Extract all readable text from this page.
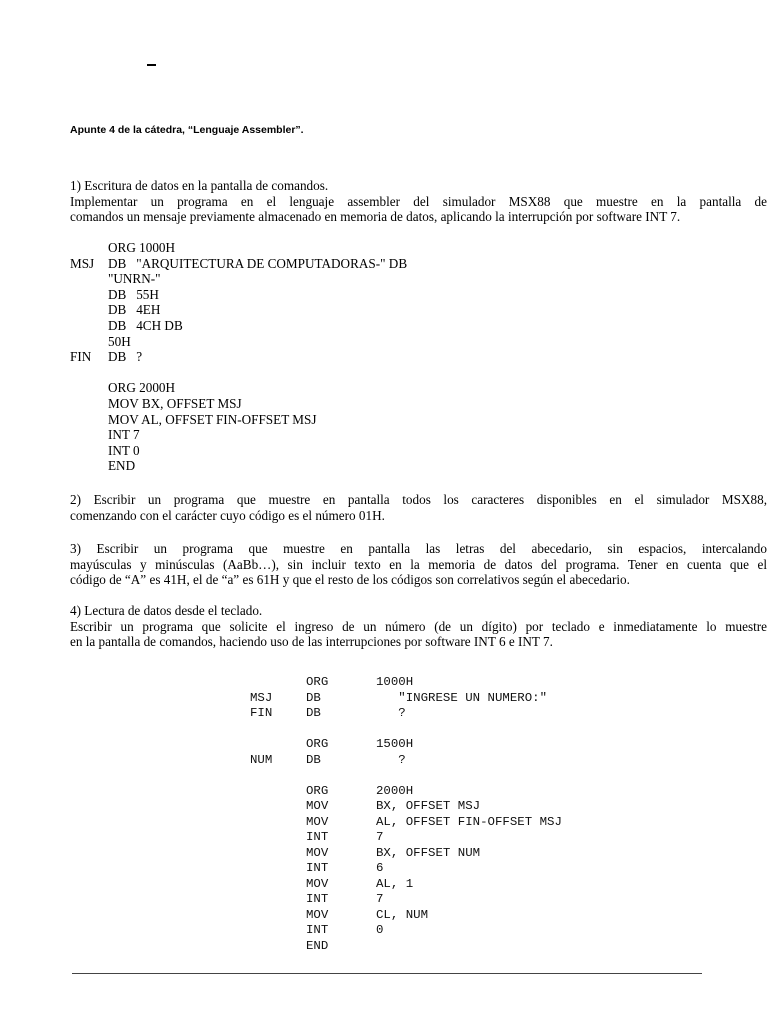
Apunte 4 de la cátedra, “Lenguaje Assembler”.
1) Escritura de datos en la pantalla de comandos.
Implementar un programa en el lenguaje assembler del simulador MSX88 que muestre en la pantalla de
comandos un mensaje previamente almacenado en memoria de datos, aplicando la interrupción por software INT 7.
ORG 1000H
MSJ	DB   "ARQUITECTURA DE COMPUTADORAS-" DB
"UNRN-"
DB   55H
DB   4EH
DB   4CH DB
50H
FIN	DB   ?
ORG 2000H
MOV BX, OFFSET MSJ
MOV AL, OFFSET FIN-OFFSET MSJ
INT 7
INT 0
END
2) Escribir un programa que muestre en pantalla todos los caracteres disponibles en el simulador MSX88,
comenzando con el carácter cuyo código es el número 01H.
3) Escribir un programa que muestre en pantalla las letras del abecedario, sin espacios, intercalando
mayúsculas y minúsculas (AaBb…), sin incluir texto en la memoria de datos del programa. Tener en cuenta que el
código de “A” es 41H, el de “a” es 61H y que el resto de los códigos son correlativos según el abecedario.
4) Lectura de datos desde el teclado.
Escribir un programa que solicite el ingreso de un número (de un dígito) por teclado e inmediatamente lo muestre
en la pantalla de comandos, haciendo uso de las interrupciones por software INT 6 e INT 7.
ORG	1000H
MSJ	DB	"INGRESE UN NUMERO:"
FIN	DB	?
ORG	1500H
NUM	DB	?
ORG	2000H
MOV	BX, OFFSET MSJ
MOV	AL, OFFSET FIN-OFFSET MSJ
INT	7
MOV	BX, OFFSET NUM
INT	6
MOV	AL, 1
INT	7
MOV	CL, NUM
INT	0
END
